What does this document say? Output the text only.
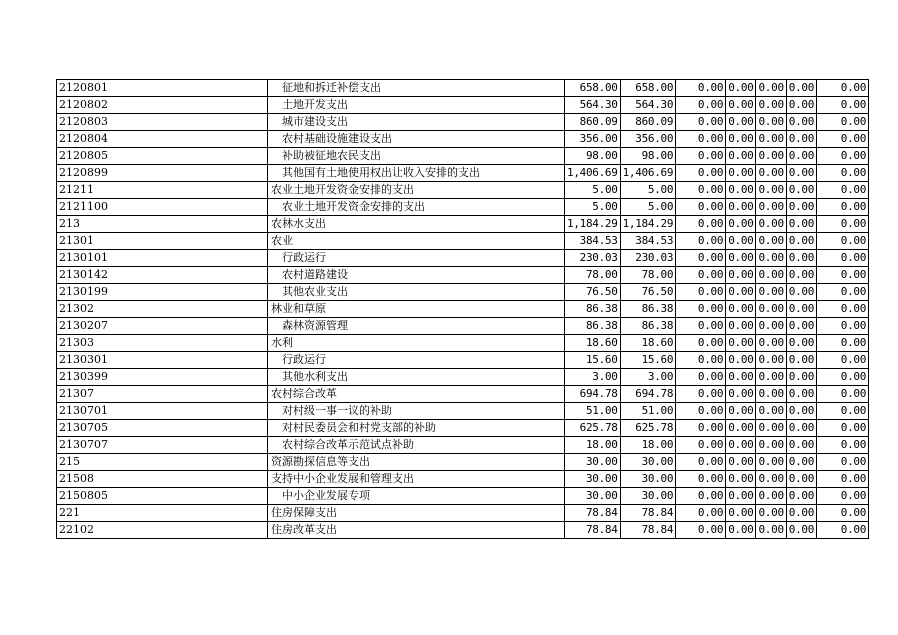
2120801	征地和拆迁补偿支出	658.00	658.00	0.00	0.00	0.00	0.00	0.00
2120802	土地开发支出	564.30	564.30	0.00	0.00	0.00	0.00	0.00
2120803	城市建设支出	860.09	860.09	0.00	0.00	0.00	0.00	0.00
2120804	农村基础设施建设支出	356.00	356.00	0.00	0.00	0.00	0.00	0.00
2120805	补助被征地农民支出	98.00	98.00	0.00	0.00	0.00	0.00	0.00
2120899	其他国有土地使用权出让收入安排的支出	1,406.69	1,406.69	0.00	0.00	0.00	0.00	0.00
21211	农业土地开发资金安排的支出	5.00	5.00	0.00	0.00	0.00	0.00	0.00
2121100	农业土地开发资金安排的支出	5.00	5.00	0.00	0.00	0.00	0.00	0.00
213	农林水支出	1,184.29	1,184.29	0.00	0.00	0.00	0.00	0.00
21301	农业	384.53	384.53	0.00	0.00	0.00	0.00	0.00
2130101	行政运行	230.03	230.03	0.00	0.00	0.00	0.00	0.00
2130142	农村道路建设	78.00	78.00	0.00	0.00	0.00	0.00	0.00
2130199	其他农业支出	76.50	76.50	0.00	0.00	0.00	0.00	0.00
21302	林业和草原	86.38	86.38	0.00	0.00	0.00	0.00	0.00
2130207	森林资源管理	86.38	86.38	0.00	0.00	0.00	0.00	0.00
21303	水利	18.60	18.60	0.00	0.00	0.00	0.00	0.00
2130301	行政运行	15.60	15.60	0.00	0.00	0.00	0.00	0.00
2130399	其他水利支出	3.00	3.00	0.00	0.00	0.00	0.00	0.00
21307	农村综合改革	694.78	694.78	0.00	0.00	0.00	0.00	0.00
2130701	对村级一事一议的补助	51.00	51.00	0.00	0.00	0.00	0.00	0.00
2130705	对村民委员会和村党支部的补助	625.78	625.78	0.00	0.00	0.00	0.00	0.00
2130707	农村综合改革示范试点补助	18.00	18.00	0.00	0.00	0.00	0.00	0.00
215	资源勘探信息等支出	30.00	30.00	0.00	0.00	0.00	0.00	0.00
21508	支持中小企业发展和管理支出	30.00	30.00	0.00	0.00	0.00	0.00	0.00
2150805	中小企业发展专项	30.00	30.00	0.00	0.00	0.00	0.00	0.00
221	住房保障支出	78.84	78.84	0.00	0.00	0.00	0.00	0.00
22102	住房改革支出	78.84	78.84	0.00	0.00	0.00	0.00	0.00
